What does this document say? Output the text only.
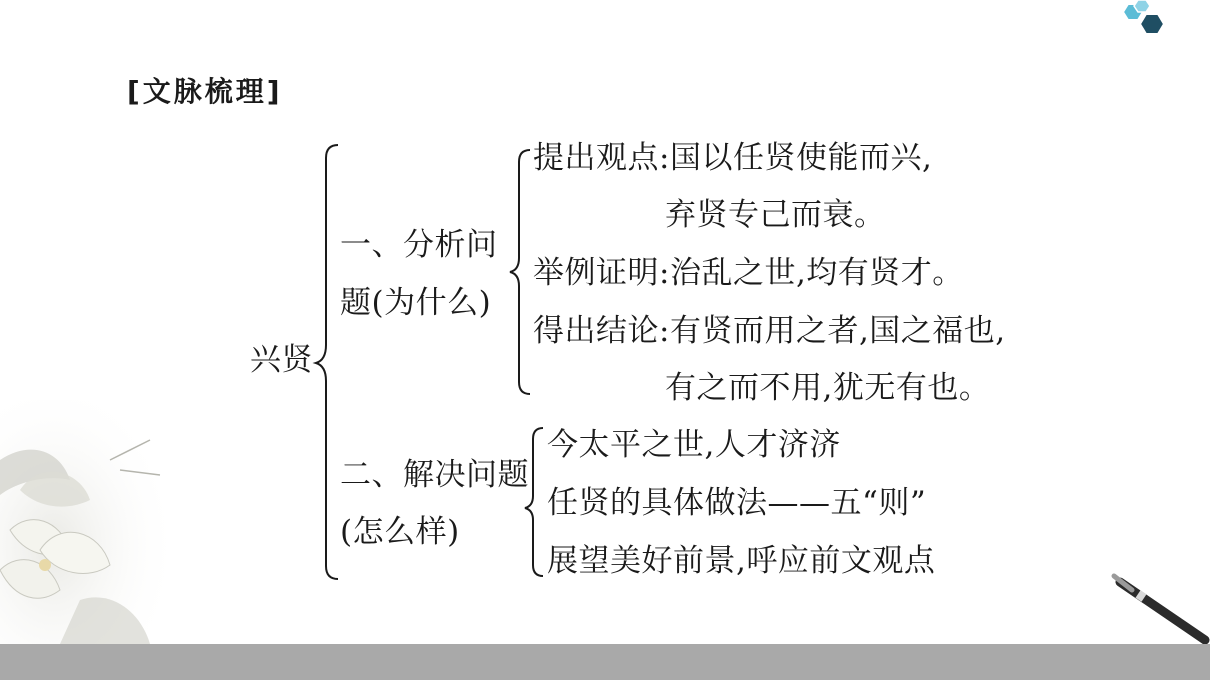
[文脉梳理]
兴贤
一、分析问
题(为什么)
提出观点:国以任贤使能而兴,
弃贤专己而衰。
举例证明:治乱之世,均有贤才。
得出结论:有贤而用之者,国之福也,
有之而不用,犹无有也。
二、解决问题
(怎么样)
今太平之世,人才济济
任贤的具体做法——五“则”
展望美好前景,呼应前文观点
